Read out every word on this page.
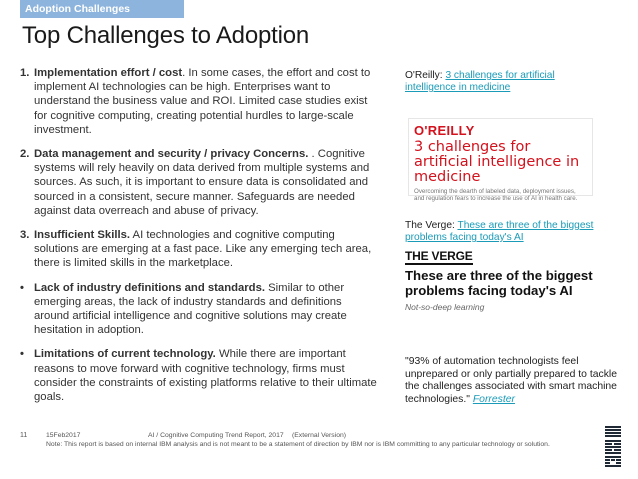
Adoption Challenges
Top Challenges to Adoption
1. Implementation effort / cost. In some cases, the effort and cost to implement AI technologies can be high. Enterprises want to understand the business value and ROI. Limited case studies exist for cognitive computing, creating potential hurdles to large-scale investment.
2. Data management and security / privacy Concerns. . Cognitive systems will rely heavily on data derived from multiple systems and sources. As such, it is important to ensure data is consolidated and sourced in a consistent, secure manner. Safeguards are needed against data overreach and abuse of privacy.
3. Insufficient Skills. AI technologies and cognitive computing solutions are emerging at a fast pace. Like any emerging tech area, there is limited skills in the marketplace.
• Lack of industry definitions and standards. Similar to other emerging areas, the lack of industry standards and definitions around artificial intelligence and cognitive solutions may create hesitation in adoption.
• Limitations of current technology. While there are important reasons to move forward with cognitive technology, firms must consider the constraints of existing platforms relative to their ultimate goals.
O'Reilly: 3 challenges for artificial intelligence in medicine
O'REILLY
3 challenges for artificial intelligence in medicine
Overcoming the dearth of labeled data, deployment issues, and regulation fears to increase the use of AI in health care.
The Verge: These are three of the biggest problems facing today's AI
THE VERGE
These are three of the biggest problems facing today's AI
Not-so-deep learning
"93% of automation technologists feel unprepared or only partially prepared to tackle the challenges associated with smart machine technologies." Forrester
11	15Feb2017	AI / Cognitive Computing Trend Report, 2017 (External Version)
Note: This report is based on internal IBM analysis and is not meant to be a statement of direction by IBM nor is IBM committing to any particular technology or solution.
